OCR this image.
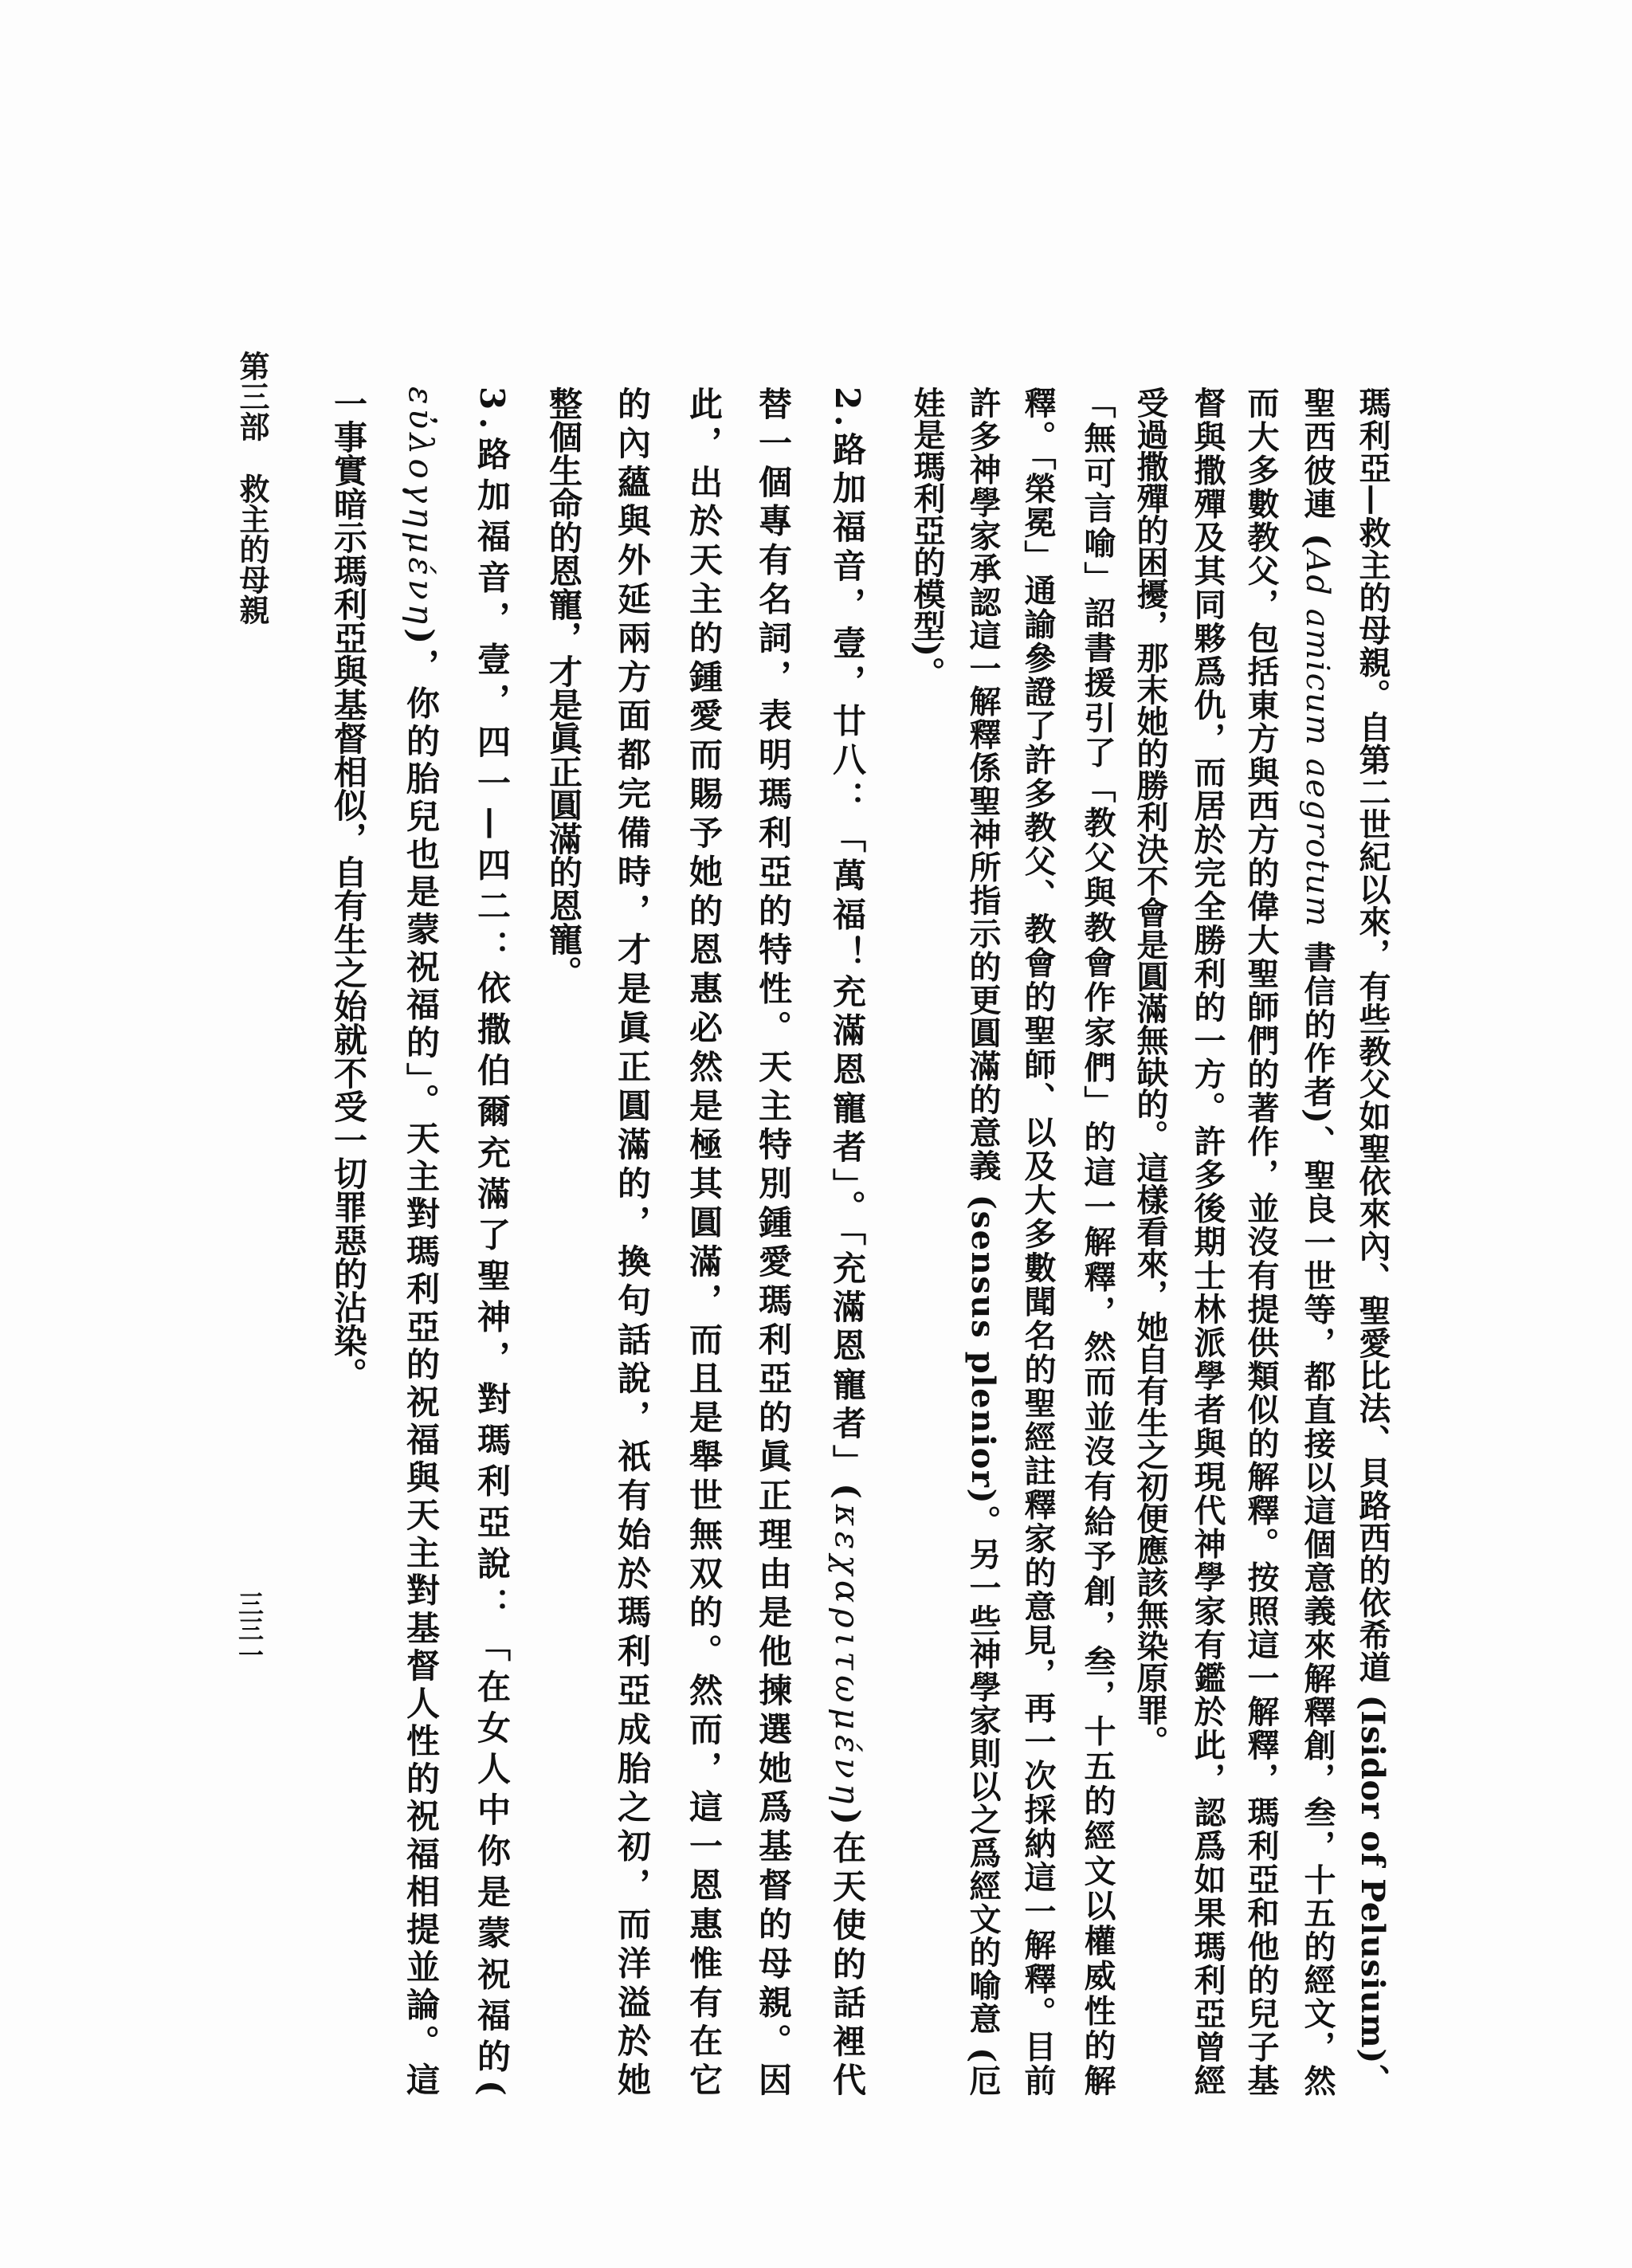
第三部救主的母親
三三一	瑪利亞—救主的母親。自第二世紀以來，有些教父如聖依來內、聖愛比法、貝路西的依希道 (Isidor of Pelusium)、
聖西彼連 (Ad amicum aegrotum 書信的作者)、聖良一世等，都直接以這個意義來解釋創，叁，十五的經文，然
而大多數教父，包括東方與西方的偉大聖師們的著作，並沒有提供類似的解釋。按照這一解釋，瑪利亞和他的兒子基
督與撒殫及其同夥爲仇，而居於完全勝利的一方。許多後期士林派學者與現代神學家有鑑於此，認爲如果瑪利亞曾經
受過撒殫的困擾，那末她的勝利決不會是圓滿無缺的。這樣看來，她自有生之初便應該無染原罪。
「無可言喻」詔書援引了「教父與教會作家們」的這一解釋，然而並沒有給予創，叁，十五的經文以權威性的解
釋。「榮冕」通諭參證了許多教父、教會的聖師、以及大多數聞名的聖經註釋家的意見，再一次採納這一解釋。目前
許多神學家承認這一解釋係聖神所指示的更圓滿的意義 (sensus plenior)。另一些神學家則以之爲經文的喻意 (厄
娃是瑪利亞的模型)。
2.路加福音，壹，廿八：「萬福！充滿恩寵者」。「充滿恩寵者」(κεχαριτωμένη)在天使的話裡代
替一個專有名詞，表明瑪利亞的特性。天主特別鍾愛瑪利亞的眞正理由是他揀選她爲基督的母親。因
此，出於天主的鍾愛而賜予她的恩惠必然是極其圓滿，而且是舉世無双的。然而，這一恩惠惟有在它
的內蘊與外延兩方面都完備時，才是眞正圓滿的，換句話說，祇有始於瑪利亞成胎之初，而洋溢於她
整個生命的恩寵，才是眞正圓滿的恩寵。
3.路加福音，壹，四一—四二：依撒伯爾充滿了聖神，對瑪利亞說：「在女人中你是蒙祝福的(
εὐλογημένη)，你的胎兒也是蒙祝福的」。天主對瑪利亞的祝福與天主對基督人性的祝福相提並論。這
一事實暗示瑪利亞與基督相似，自有生之始就不受一切罪惡的沾染。
